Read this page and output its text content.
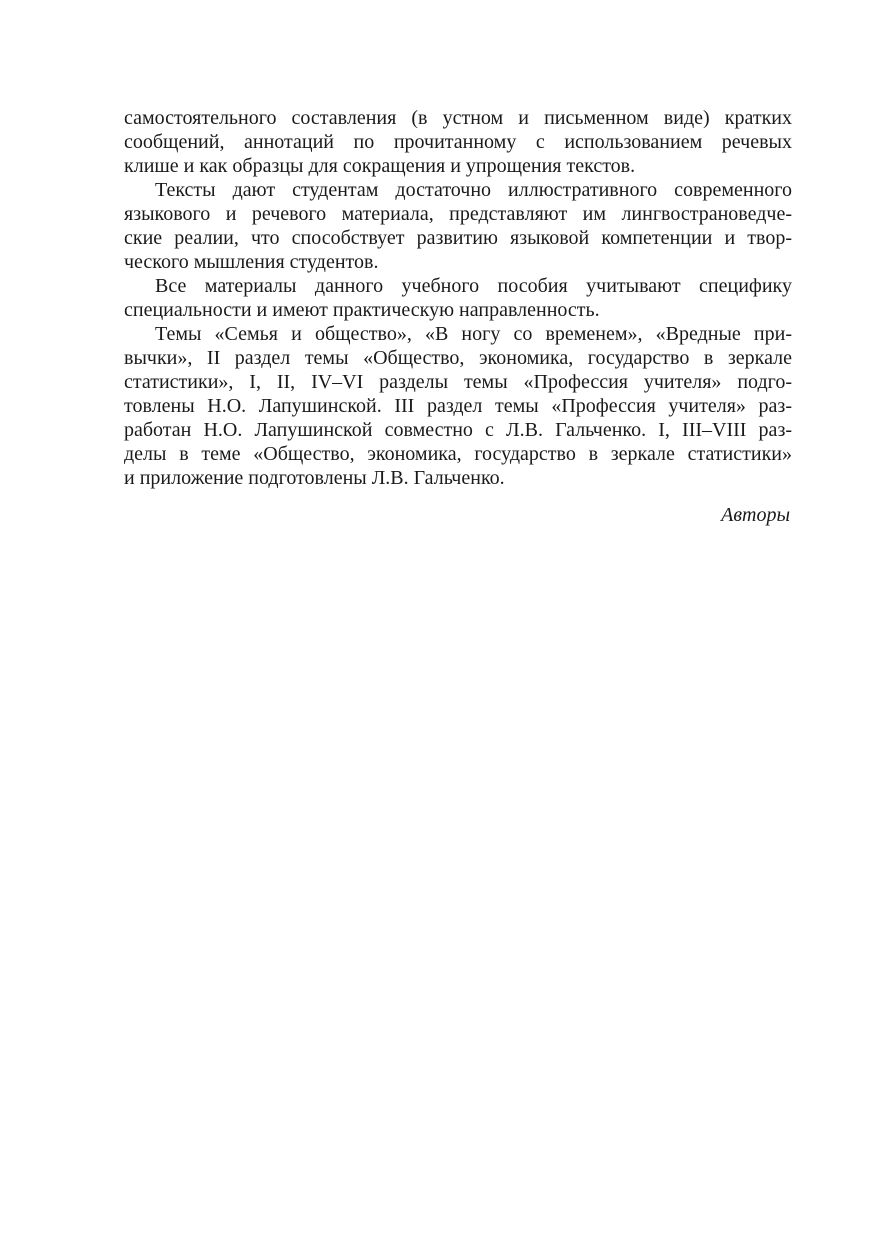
самостоятельного составления (в устном и письменном виде) кратких
сообщений, аннотаций по прочитанному с использованием речевых
клише и как образцы для сокращения и упрощения текстов.

Тексты дают студентам достаточно иллюстративного современного
языкового и речевого материала, представляют им лингвострановедче-
ские реалии, что способствует развитию языковой компетенции и твор-
ческого мышления студентов.

Все материалы данного учебного пособия учитывают специфику
специальности и имеют практическую направленность.

Темы «Семья и общество», «В ногу со временем», «Вредные при-
вычки», II раздел темы «Общество, экономика, государство в зеркале
статистики», I, II, IV–VI разделы темы «Профессия учителя» подго-
товлены Н.О. Лапушинской. III раздел темы «Профессия учителя» раз-
работан Н.О. Лапушинской совместно с Л.В. Гальченко. I, III–VIII раз-
делы в теме «Общество, экономика, государство в зеркале статистики»
и приложение подготовлены Л.В. Гальченко.

Авторы
